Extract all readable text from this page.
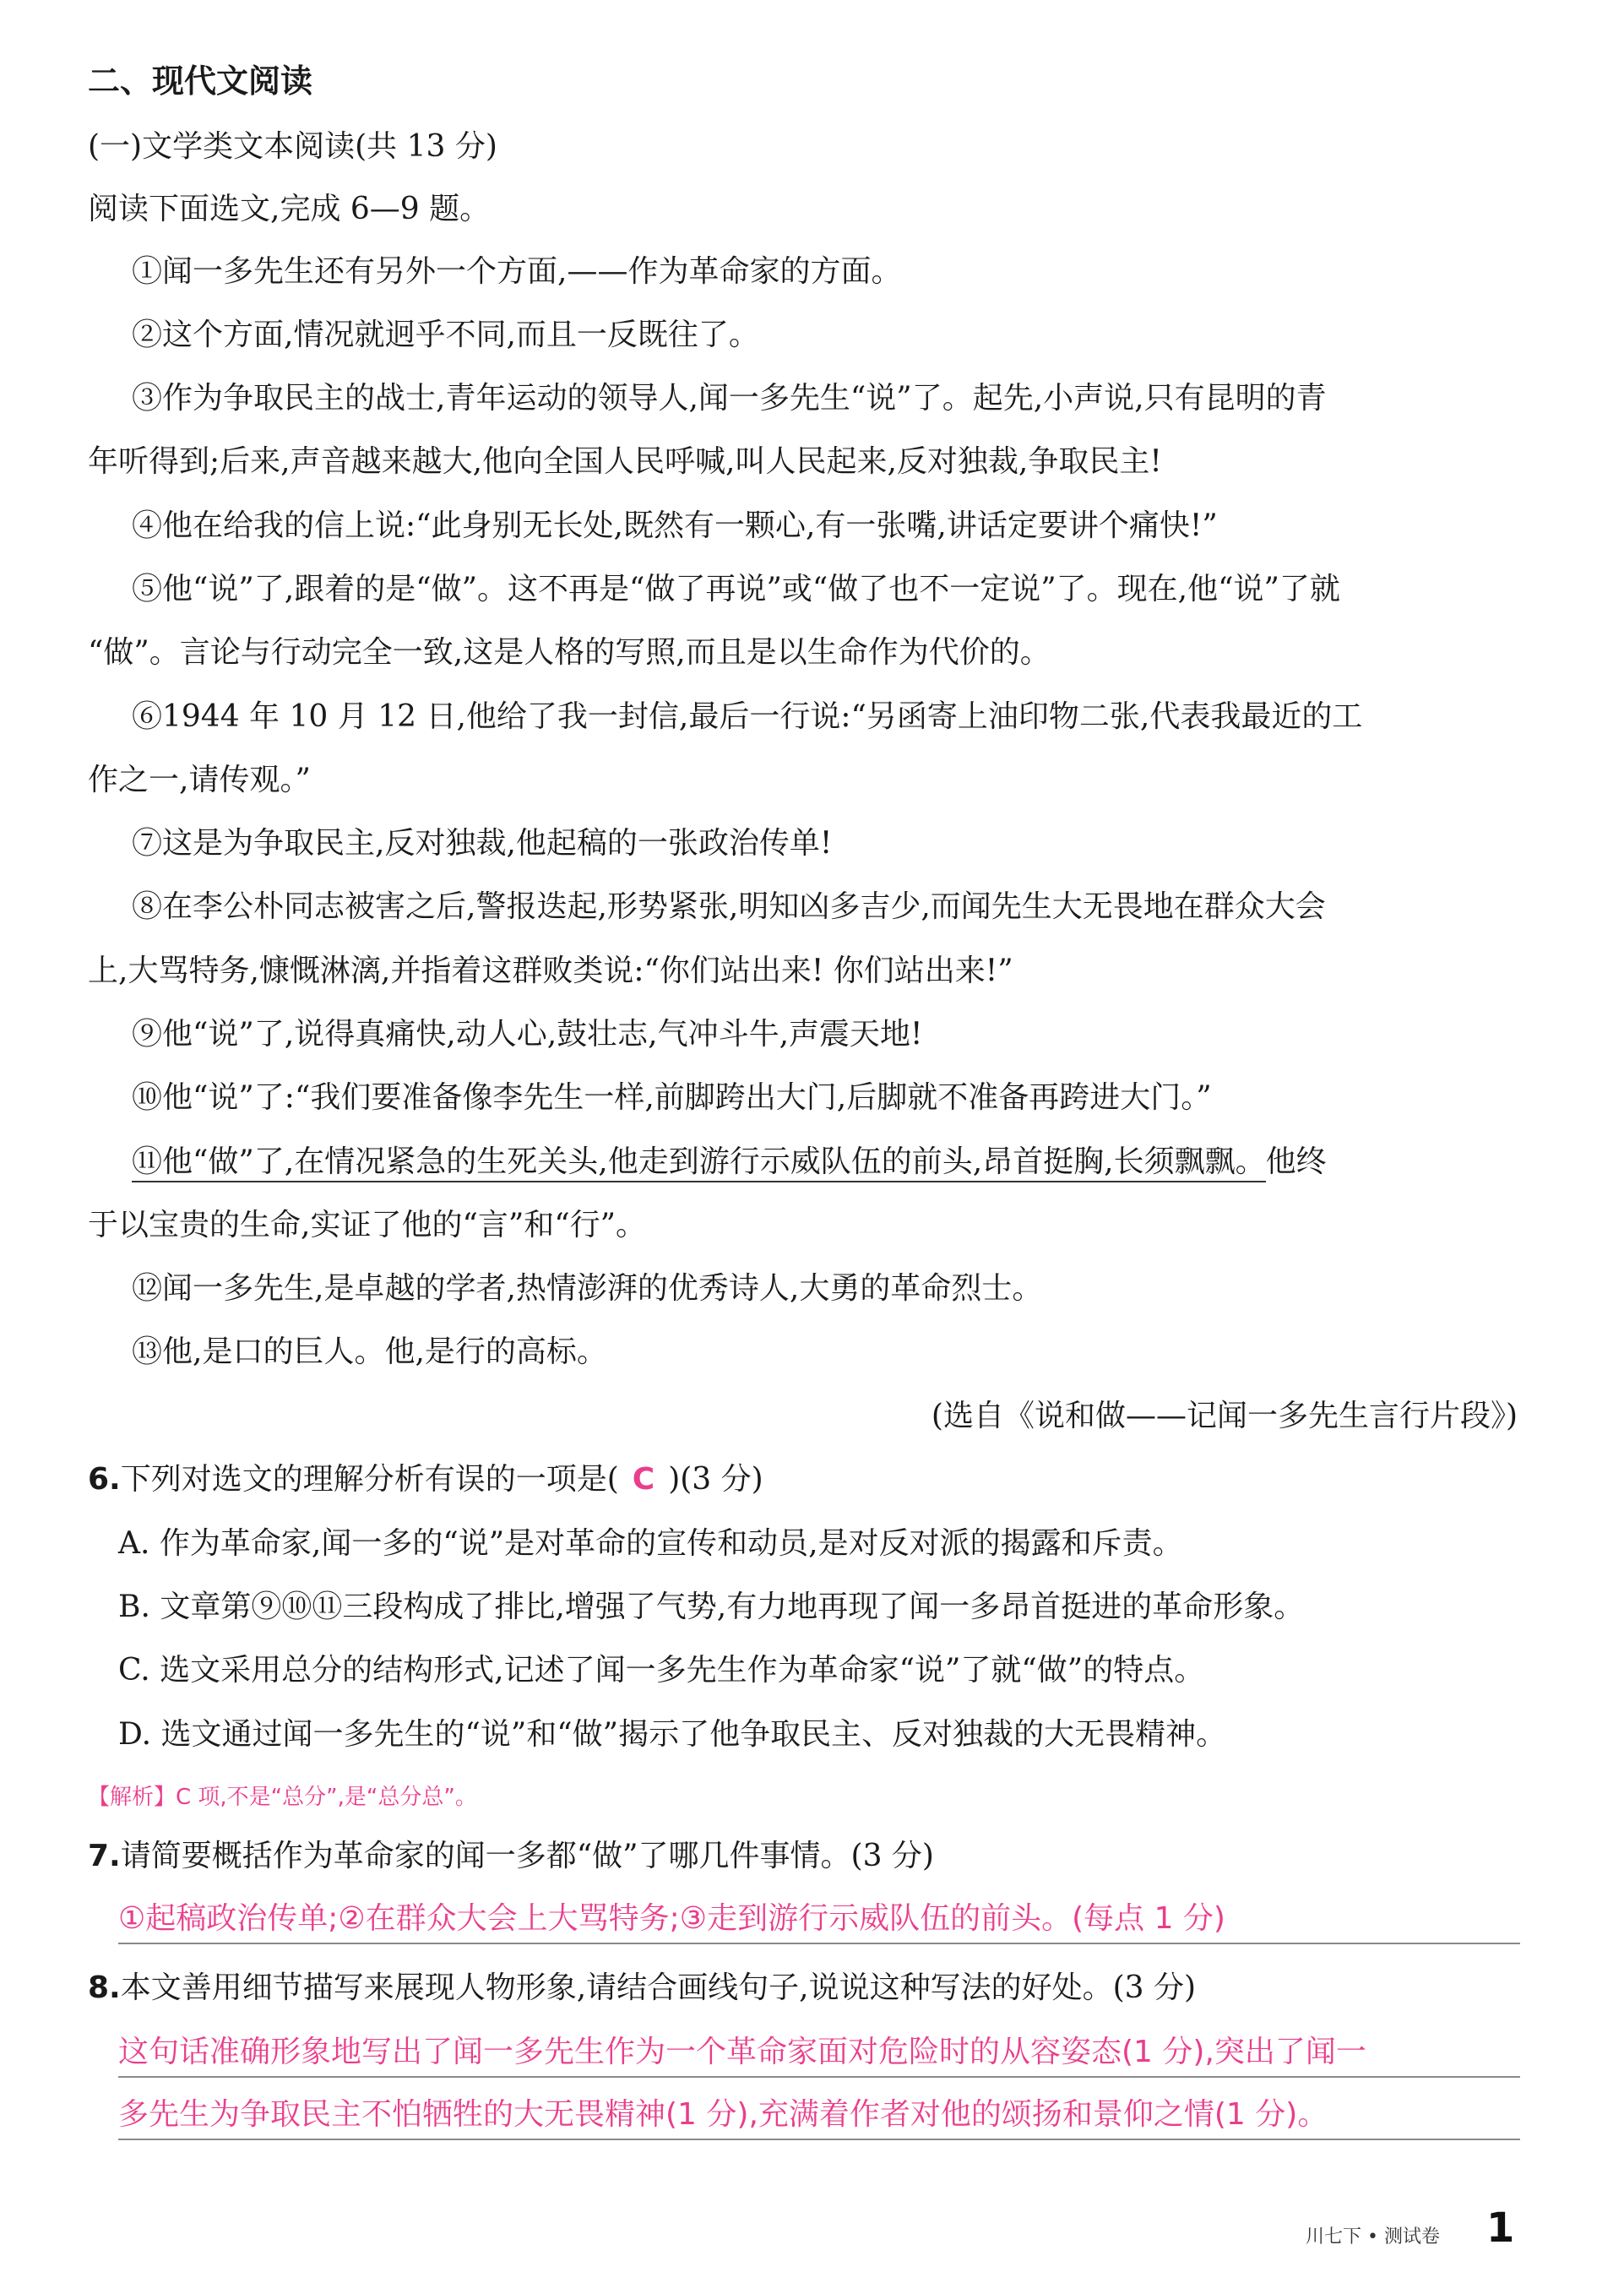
二、现代文阅读
(一)文学类文本阅读(共 13 分)
阅读下面选文,完成 6—9 题。
①闻一多先生还有另外一个方面,——作为革命家的方面。
②这个方面,情况就迥乎不同,而且一反既往了。
③作为争取民主的战士,青年运动的领导人,闻一多先生“说”了。起先,小声说,只有昆明的青
年听得到;后来,声音越来越大,他向全国人民呼喊,叫人民起来,反对独裁,争取民主!
④他在给我的信上说:“此身别无长处,既然有一颗心,有一张嘴,讲话定要讲个痛快!”
⑤他“说”了,跟着的是“做”。这不再是“做了再说”或“做了也不一定说”了。现在,他“说”了就
“做”。言论与行动完全一致,这是人格的写照,而且是以生命作为代价的。
⑥1944 年 10 月 12 日,他给了我一封信,最后一行说:“另函寄上油印物二张,代表我最近的工
作之一,请传观。”
⑦这是为争取民主,反对独裁,他起稿的一张政治传单!
⑧在李公朴同志被害之后,警报迭起,形势紧张,明知凶多吉少,而闻先生大无畏地在群众大会
上,大骂特务,慷慨淋漓,并指着这群败类说:“你们站出来! 你们站出来!”
⑨他“说”了,说得真痛快,动人心,鼓壮志,气冲斗牛,声震天地!
⑩他“说”了:“我们要准备像李先生一样,前脚跨出大门,后脚就不准备再跨进大门。”
⑪他“做”了,在情况紧急的生死关头,他走到游行示威队伍的前头,昂首挺胸,长须飘飘。他终
于以宝贵的生命,实证了他的“言”和“行”。
⑫闻一多先生,是卓越的学者,热情澎湃的优秀诗人,大勇的革命烈士。
⑬他,是口的巨人。他,是行的高标。
(选自《说和做——记闻一多先生言行片段》)
6.下列对选文的理解分析有误的一项是( C )(3 分)
A. 作为革命家,闻一多的“说”是对革命的宣传和动员,是对反对派的揭露和斥责。
B. 文章第⑨⑩⑪三段构成了排比,增强了气势,有力地再现了闻一多昂首挺进的革命形象。
C. 选文采用总分的结构形式,记述了闻一多先生作为革命家“说”了就“做”的特点。
D. 选文通过闻一多先生的“说”和“做”揭示了他争取民主、反对独裁的大无畏精神。
【解析】C 项,不是“总分”,是“总分总”。
7.请简要概括作为革命家的闻一多都“做”了哪几件事情。(3 分)
①起稿政治传单;②在群众大会上大骂特务;③走到游行示威队伍的前头。(每点 1 分)
8.本文善用细节描写来展现人物形象,请结合画线句子,说说这种写法的好处。(3 分)
这句话准确形象地写出了闻一多先生作为一个革命家面对危险时的从容姿态(1 分),突出了闻一
多先生为争取民主不怕牺牲的大无畏精神(1 分),充满着作者对他的颂扬和景仰之情(1 分)。
川七下 • 测试卷 1
